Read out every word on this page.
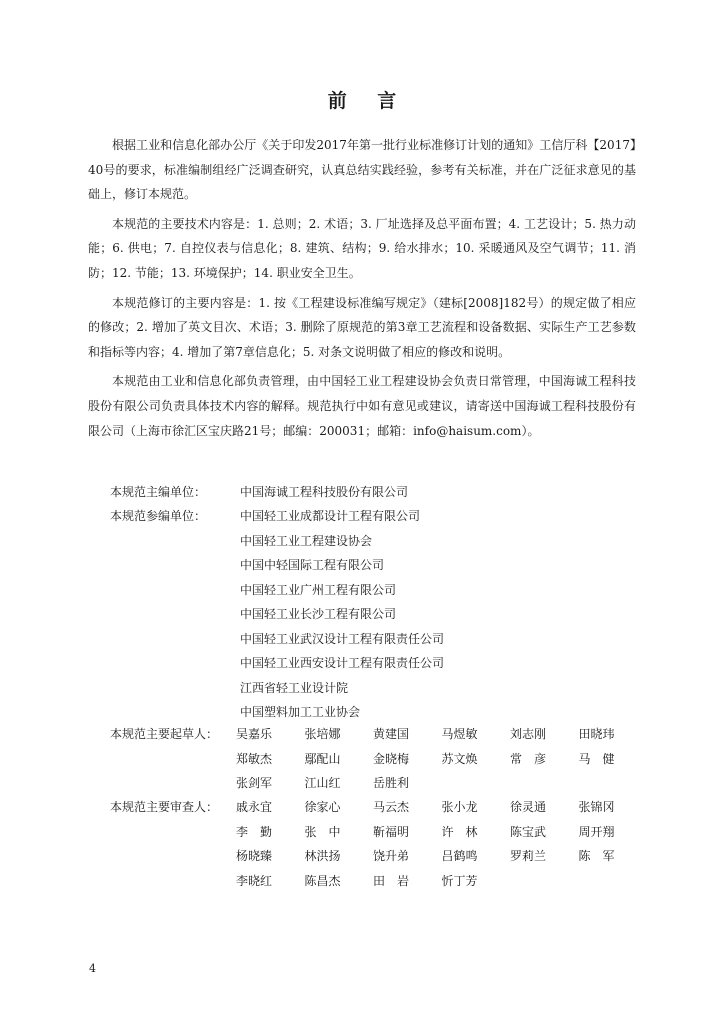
前 言

根据工业和信息化部办公厅《关于印发2017年第一批行业标准修订计划的通知》工信厅科【2017】40号的要求，标准编制组经广泛调查研究，认真总结实践经验，参考有关标准，并在广泛征求意见的基础上，修订本规范。

本规范的主要技术内容是：1. 总则；2. 术语；3. 厂址选择及总平面布置；4. 工艺设计；5. 热力动能；6. 供电；7. 自控仪表与信息化；8. 建筑、结构；9. 给水排水；10. 采暖通风及空气调节；11. 消防；12. 节能；13. 环境保护；14. 职业安全卫生。

本规范修订的主要内容是：1. 按《工程建设标准编写规定》（建标[2008]182号）的规定做了相应的修改；2. 增加了英文目次、术语；3. 删除了原规范的第3章工艺流程和设备数据、实际生产工艺参数和指标等内容；4. 增加了第7章信息化；5. 对条文说明做了相应的修改和说明。

本规范由工业和信息化部负责管理，由中国轻工业工程建设协会负责日常管理，中国海诚工程科技股份有限公司负责具体技术内容的解释。规范执行中如有意见或建议，请寄送中国海诚工程科技股份有限公司（上海市徐汇区宝庆路21号；邮编：200031；邮箱：info@haisum.com）。

本规范主编单位：	中国海诚工程科技股份有限公司
本规范参编单位：	中国轻工业成都设计工程有限公司
中国轻工业工程建设协会
中国中轻国际工程有限公司
中国轻工业广州工程有限公司
中国轻工业长沙工程有限公司
中国轻工业武汉设计工程有限责任公司
中国轻工业西安设计工程有限责任公司
江西省轻工业设计院
中国塑料加工工业协会
本规范主要起草人：	吴嘉乐	张培娜	黄建国	马煜敏	刘志刚	田晓玮
郑敏杰	鄢配山	金晓梅	苏文焕	常　彦	马　健
张剑军	江山红	岳胜利
本规范主要审查人：	戚永宜	徐家心	马云杰	张小龙	徐灵通	张锦冈
李　勤	张　中	靳福明	许　林	陈宝武	周开翔
杨晓臻	林洪扬	饶升弟	吕鹤鸣	罗莉兰	陈　军
李晓红	陈昌杰	田　岩	忻丁芳
4
